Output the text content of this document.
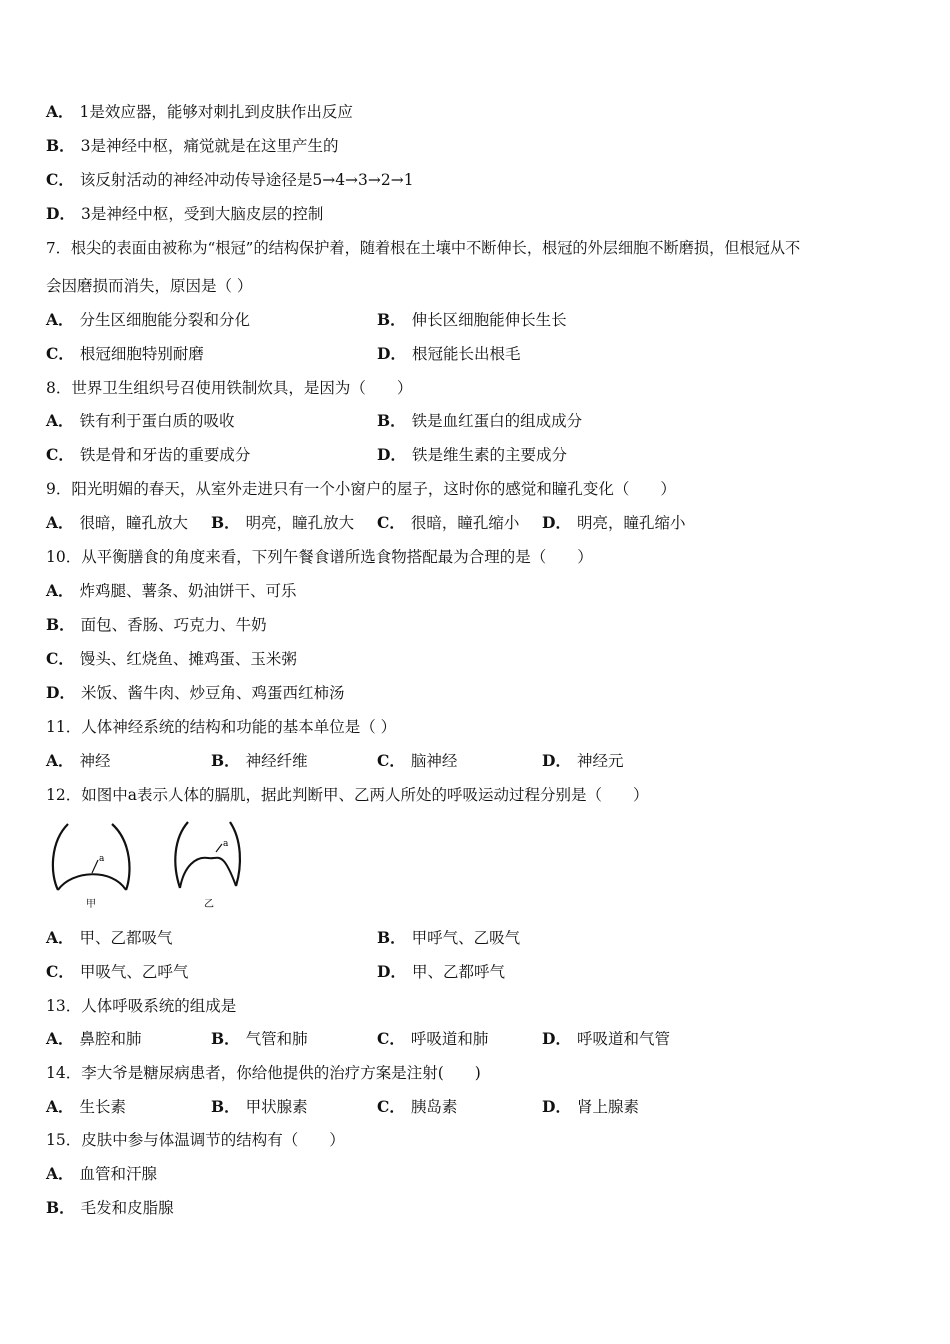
A． 1是效应器，能够对刺扎到皮肤作出反应
B． 3是神经中枢，痛觉就是在这里产生的
C． 该反射活动的神经冲动传导途径是5→4→3→2→1
D． 3是神经中枢，受到大脑皮层的控制
7．根尖的表面由被称为“根冠”的结构保护着，随着根在土壤中不断伸长，根冠的外层细胞不断磨损，但根冠从不
会因磨损而消失，原因是（ ）
A． 分生区细胞能分裂和分化	B． 伸长区细胞能伸长生长
C． 根冠细胞特别耐磨	D． 根冠能长出根毛
8．世界卫生组织号召使用铁制炊具，是因为（　　）
A． 铁有利于蛋白质的吸收	B． 铁是血红蛋白的组成成分
C． 铁是骨和牙齿的重要成分	D． 铁是维生素的主要成分
9．阳光明媚的春天，从室外走进只有一个小窗户的屋子，这时你的感觉和瞳孔变化（　　）
A． 很暗，瞳孔放大 B． 明亮，瞳孔放大 C． 很暗，瞳孔缩小 D． 明亮，瞳孔缩小
10．从平衡膳食的角度来看，下列午餐食谱所选食物搭配最为合理的是（　　）
A． 炸鸡腿、薯条、奶油饼干、可乐
B． 面包、香肠、巧克力、牛奶
C． 馒头、红烧鱼、摊鸡蛋、玉米粥
D． 米饭、酱牛肉、炒豆角、鸡蛋西红柿汤
11．人体神经系统的结构和功能的基本单位是（ ）
A． 神经	B． 神经纤维	C． 脑神经	D． 神经元
12．如图中a表示人体的膈肌，据此判断甲、乙两人所处的呼吸运动过程分别是（　　）
a
甲
a
乙
A． 甲、乙都吸气	B． 甲呼气、乙吸气
C． 甲吸气、乙呼气	D． 甲、乙都呼气
13．人体呼吸系统的组成是
A． 鼻腔和肺	B． 气管和肺	C． 呼吸道和肺	D． 呼吸道和气管
14．李大爷是糖尿病患者，你给他提供的治疗方案是注射(　　)
A． 生长素	B． 甲状腺素	C． 胰岛素	D． 肾上腺素
15．皮肤中参与体温调节的结构有（　　）
A． 血管和汗腺
B． 毛发和皮脂腺
